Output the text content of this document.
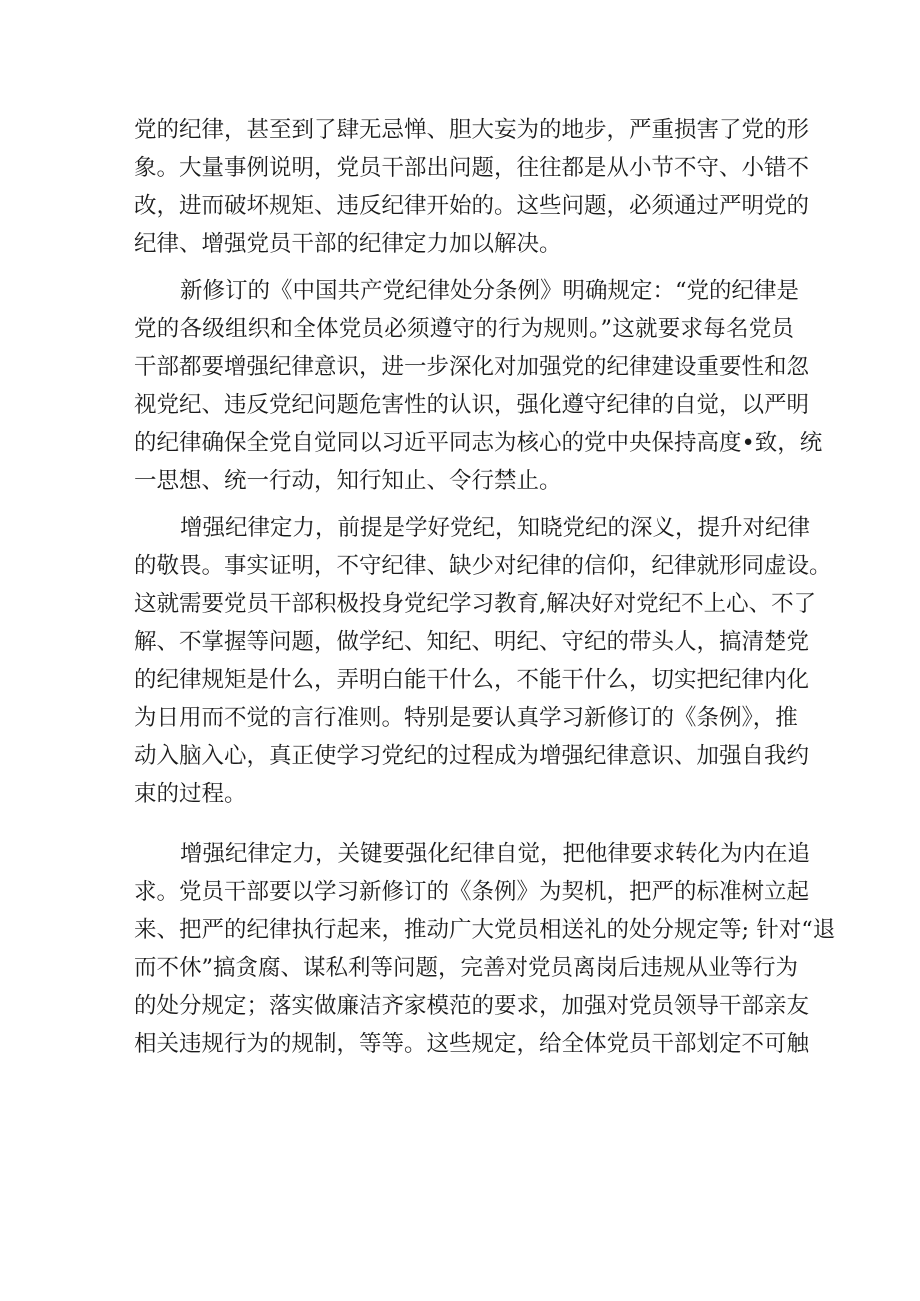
党的纪律，甚至到了肆无忌惮、胆大妄为的地步，严重损害了党的形
象。大量事例说明，党员干部出问题，往往都是从小节不守、小错不
改，进而破坏规矩、违反纪律开始的。这些问题，必须通过严明党的
纪律、增强党员干部的纪律定力加以解决。
新修订的《中国共产党纪律处分条例》明确规定：“党的纪律是
党的各级组织和全体党员必须遵守的行为规则。”这就要求每名党员
干部都要增强纪律意识，进一步深化对加强党的纪律建设重要性和忽
视党纪、违反党纪问题危害性的认识，强化遵守纪律的自觉，以严明
的纪律确保全党自觉同以习近平同志为核心的党中央保持高度•致，统
一思想、统一行动，知行知止、令行禁止。
增强纪律定力，前提是学好党纪，知晓党纪的深义，提升对纪律
的敬畏。事实证明，不守纪律、缺少对纪律的信仰，纪律就形同虚设。
这就需要党员干部积极投身党纪学习教育,解决好对党纪不上心、不了
解、不掌握等问题，做学纪、知纪、明纪、守纪的带头人，搞清楚党
的纪律规矩是什么，弄明白能干什么，不能干什么，切实把纪律内化
为日用而不觉的言行准则。特别是要认真学习新修订的《条例》，推
动入脑入心，真正使学习党纪的过程成为增强纪律意识、加强自我约
束的过程。
增强纪律定力，关键要强化纪律自觉，把他律要求转化为内在追
求。党员干部要以学习新修订的《条例》为契机，把严的标准树立起
来、把严的纪律执行起来，推动广大党员相送礼的处分规定等; 针对“退
而不休”搞贪腐、谋私利等问题，完善对党员离岗后违规从业等行为
的处分规定；落实做廉洁齐家模范的要求，加强对党员领导干部亲友
相关违规行为的规制，等等。这些规定，给全体党员干部划定不可触
